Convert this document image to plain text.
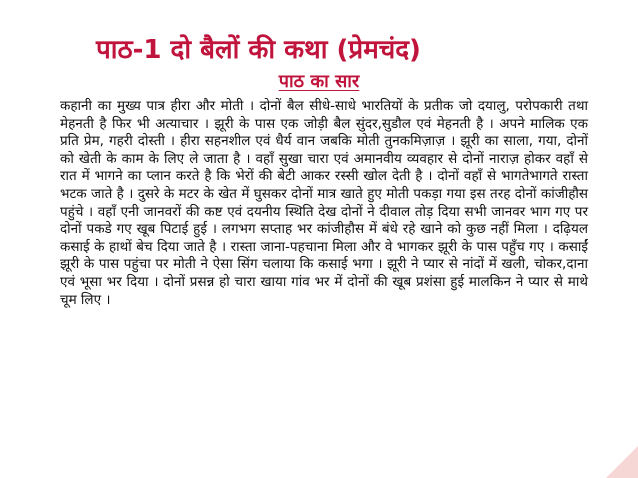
पाठ-1 दो बैलों की कथा (प्रेमचंद)
पाठ का सार

कहानी का मुख्य पात्र हीरा और मोती । दोनों बैल सीधे-साधे भारतियों के प्रतीक जो दयालु, परोपकारी तथा मेहनती है फिर भी अत्याचार । झूरी के पास एक जोड़ी बैल सुंदर,सुडौल एवं मेहनती है । अपने मालिक एक प्रति प्रेम, गहरी दोस्ती । हीरा सहनशील एवं धैर्य वान जबकि मोती तुनकमिज़ाज़ । झूरी का साला, गया, दोनों को खेती के काम के लिए ले जाता है । वहाँ सुखा चारा एवं अमानवीय व्यवहार से दोनों नाराज़ होकर वहाँ से रात में भागने का प्लान करते है कि भेरों की बेटी आकर रस्सी खोल देती है । दोनों वहाँ से भागतेभागते रास्ता भटक जाते है । दुसरे के मटर के खेत में घुसकर दोनों मात्र खाते हुए मोती पकड़ा गया इस तरह दोनों कांजीहौस पहुंचे । वहाँ एनी जानवरों की कष्ट एवं दयनीय स्थिति देख दोनों ने दीवाल तोड़ दिया सभी जानवर भाग गए पर दोनों पकडे गए खूब पिटाई हुई । लगभग सप्ताह भर कांजीहौस में बंधे रहे खाने को कुछ नहीं मिला । दढ़ियल कसाई के हाथों बेच दिया जाते है । रास्ता जाना-पहचाना मिला और वे भागकर झूरी के पास पहुँच गए । कसाईं झूरी के पास पहुंचा पर मोती ने ऐसा सिंग चलाया कि कसाई भगा । झूरी ने प्यार से नांदों में खली, चोकर,दाना एवं भूसा भर दिया । दोनों प्रसन्न हो चारा खाया गांव भर में दोनों की खूब प्रशंसा हुई मालकिन ने प्यार से माथे चूम लिए ।
